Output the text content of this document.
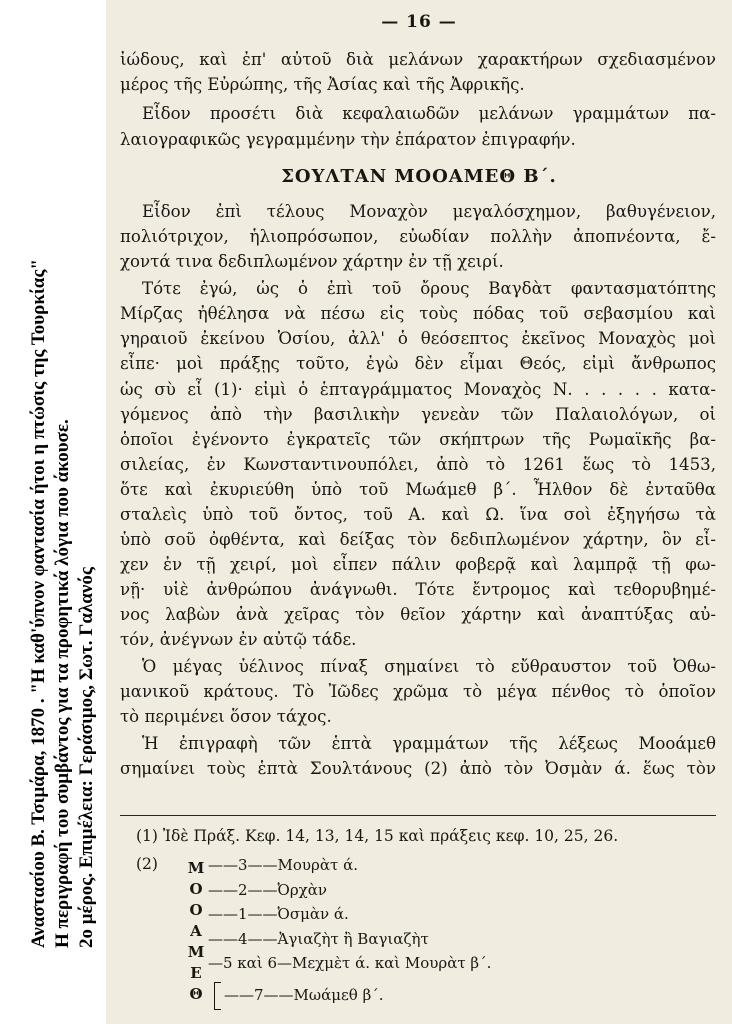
Αναστασίου Β. Τσιμάρα, 1870 . "Η καθ'ύπνον φαντασία ήτοι η πτώσις της Τουρκίας" Η περιγραφή του συμβάντος για τα προφητικά λόγια που άκουσε. 2ο μέρος. Επιμέλεια: Γεράσιμος, Σωτ. Γαλανός
— 16 —
ἰώδους, καὶ ἐπ' αὐτοῦ διὰ μελάνων χαρακτήρων σχεδιασμένον
μέρος τῆς Εὐρώπης, τῆς Ἀσίας καὶ τῆς Ἀφρικῆς.
Εἶδον προσέτι διὰ κεφαλαιωδῶν μελάνων γραμμάτων πα-
λαιογραφικῶς γεγραμμένην τὴν ἐπάρατον ἐπιγραφήν.
ΣΟΥΛΤΑΝ ΜΟΟΑΜΕΘ Β΄.
Εἶδον ἐπὶ τέλους Μοναχὸν μεγαλόσχημον, βαθυγένειον,
πολιότριχον, ἡλιοπρόσωπον, εὐωδίαν πολλὴν ἀποπνέοντα, ἔ-
χοντά τινα δεδιπλωμένον χάρτην ἐν τῇ χειρί.
Τότε ἐγώ, ὡς ὁ ἐπὶ τοῦ ὄρους Βαγδὰτ φαντασματόπτης
Μίρζας ἠθέλησα νὰ πέσω εἰς τοὺς πόδας τοῦ σεβασμίου καὶ
γηραιοῦ ἐκείνου Ὁσίου, ἀλλ' ὁ θεόσεπτος ἐκεῖνος Μοναχὸς μοὶ
εἶπε· μοὶ πράξῃς τοῦτο, ἐγὼ δὲν εἶμαι Θεός, εἰμὶ ἄνθρωπος
ὡς σὺ εἶ (1)· εἰμὶ ὁ ἑπταγράμματος Μοναχὸς Ν. . . . . . κατα-
γόμενος ἀπὸ τὴν βασιλικὴν γενεὰν τῶν Παλαιολόγων, οἱ
ὁποῖοι ἐγένοντο ἐγκρατεῖς τῶν σκήπτρων τῆς Ρωμαϊκῆς βα-
σιλείας, ἐν Κωνσταντινουπόλει, ἀπὸ τὸ 1261 ἕως τὸ 1453,
ὅτε καὶ ἐκυριεύθη ὑπὸ τοῦ Μωάμεθ β΄. Ἦλθον δὲ ἐνταῦθα
σταλεὶς ὑπὸ τοῦ ὄντος, τοῦ Α. καὶ Ω. ἵνα σοὶ ἐξηγήσω τὰ
ὑπὸ σοῦ ὀφθέντα, καὶ δείξας τὸν δεδιπλωμένον χάρτην, ὃν εἶ-
χεν ἐν τῇ χειρί, μοὶ εἶπεν πάλιν φοβερᾷ καὶ λαμπρᾷ τῇ φω-
νῇ· υἱὲ ἀνθρώπου ἀνάγνωθι. Τότε ἔντρομος καὶ τεθορυβημέ-
νος λαβὼν ἀνὰ χεῖρας τὸν θεῖον χάρτην καὶ ἀναπτύξας αὐ-
τόν, ἀνέγνων ἐν αὐτῷ τάδε.
Ὁ μέγας ὑέλινος πίναξ σημαίνει τὸ εὔθραυστον τοῦ Ὀθω-
μανικοῦ κράτους. Τὸ Ἰῶδες χρῶμα τὸ μέγα πένθος τὸ ὁποῖον
τὸ περιμένει ὅσον τάχος.
Ἡ ἐπιγραφὴ τῶν ἑπτὰ γραμμάτων τῆς λέξεως Μοοάμεθ
σημαίνει τοὺς ἑπτὰ Σουλτάνους (2) ἀπὸ τὸν Ὀσμὰν ά. ἕως τὸν
(1) Ἰδὲ Πράξ. Κεφ. 14, 13, 14, 15 καὶ πράξεις κεφ. 10, 25, 26.
(2) Μ
Ο
Ο
Α
Μ
Ε
Θ
——3——Μουρὰτ ά.
——2——Ὀρχὰν
——1——Ὀσμὰν ά.
——4——Ἀγιαζὴτ ἢ Βαγιαζὴτ
—5 καὶ 6—Μεχμὲτ ά. καὶ Μουρὰτ β΄.
——7——Μωάμεθ β΄.
